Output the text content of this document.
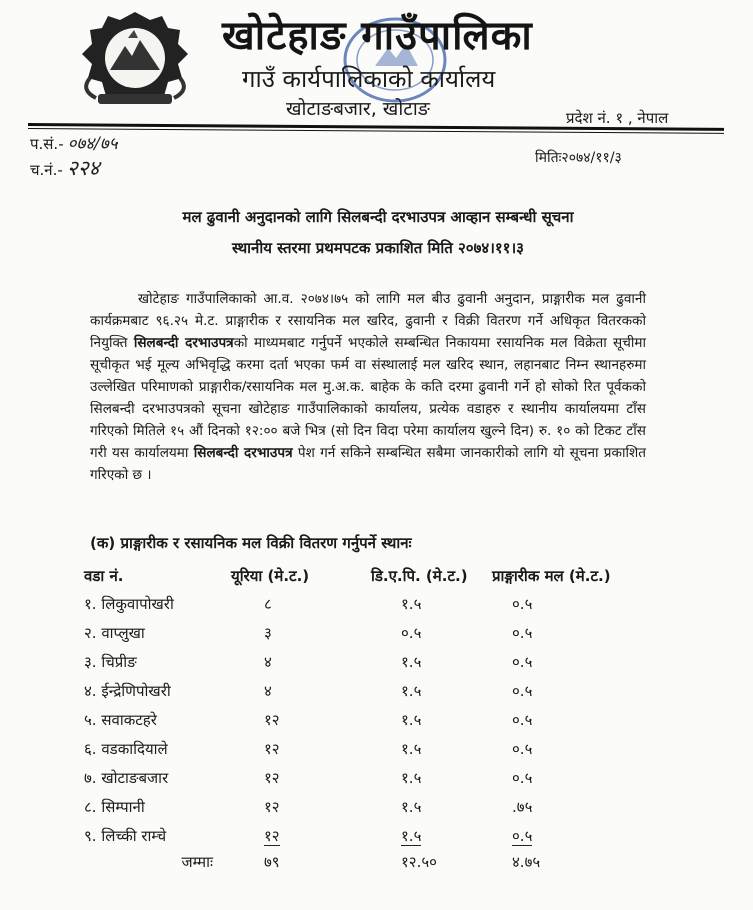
खोटेहाङ गाउँपालिका
गाउँ कार्यपालिकाको कार्यालय
खोटाङबजार, खोटाङ	प्रदेश नं. १ , नेपाल
प.सं.- ०७४/७५
च.नं.- २२४	मितिः२०७४/११/३
मल ढुवानी अनुदानको लागि सिलबन्दी दरभाउपत्र आव्हान सम्बन्धी सूचना
स्थानीय स्तरमा प्रथमपटक प्रकाशित मिति २०७४।११।३
खोटेहाङ गाउँपालिकाको आ.व. २०७४।७५ को लागि मल बीउ ढुवानी अनुदान, प्राङ्गारीक मल ढुवानी कार्यक्रमबाट ९६.२५ मे.ट. प्राङ्गारीक र रसायनिक मल खरिद, ढुवानी र विक्री वितरण गर्ने अधिकृत वितरकको नियुक्ति सिलबन्दी दरभाउपत्रको माध्यमबाट गर्नुपर्ने भएकोले सम्बन्धित निकायमा रसायनिक मल विक्रेता सूचीमा सूचीकृत भई मूल्य अभिवृद्धि करमा दर्ता भएका फर्म वा संस्थालाई मल खरिद स्थान, लहानबाट निम्न स्थानहरुमा उल्लेखित परिमाणको प्राङ्गारीक/रसायनिक मल मु.अ.क. बाहेक के कति दरमा ढुवानी गर्ने हो सोको रित पूर्वकको सिलबन्दी दरभाउपत्रको सूचना खोटेहाङ गाउँपालिकाको कार्यालय, प्रत्येक वडाहरु र स्थानीय कार्यालयमा टाँस गरिएको मितिले १५ औं दिनको १२:०० बजे भित्र (सो दिन विदा परेमा कार्यालय खुल्ने दिन) रु. १० को टिकट टाँस गरी यस कार्यालयमा सिलबन्दी दरभाउपत्र पेश गर्न सकिने सम्बन्धित सबैमा जानकारीको लागि यो सूचना प्रकाशित गरिएको छ ।
(क) प्राङ्गारीक र रसायनिक मल विक्री वितरण गर्नुपर्ने स्थानः
वडा नं.	यूरिया (मे.ट.)	डि.ए.पि. (मे.ट.)	प्राङ्गारीक मल (मे.ट.)
१. लिकुवापोखरी	८	१.५	०.५
२. वाप्लुखा	३	०.५	०.५
३. चिप्रीङ	४	१.५	०.५
४. ईन्द्रेणिपोखरी	४	१.५	०.५
५. सवाकटहरे	१२	१.५	०.५
६. वडकादियाले	१२	१.५	०.५
७. खोटाङबजार	१२	१.५	०.५
८. सिम्पानी	१२	१.५	.७५
९. लिच्की राम्चे	१२	१.५	०.५
जम्माः	७९	१२.५०	४.७५
